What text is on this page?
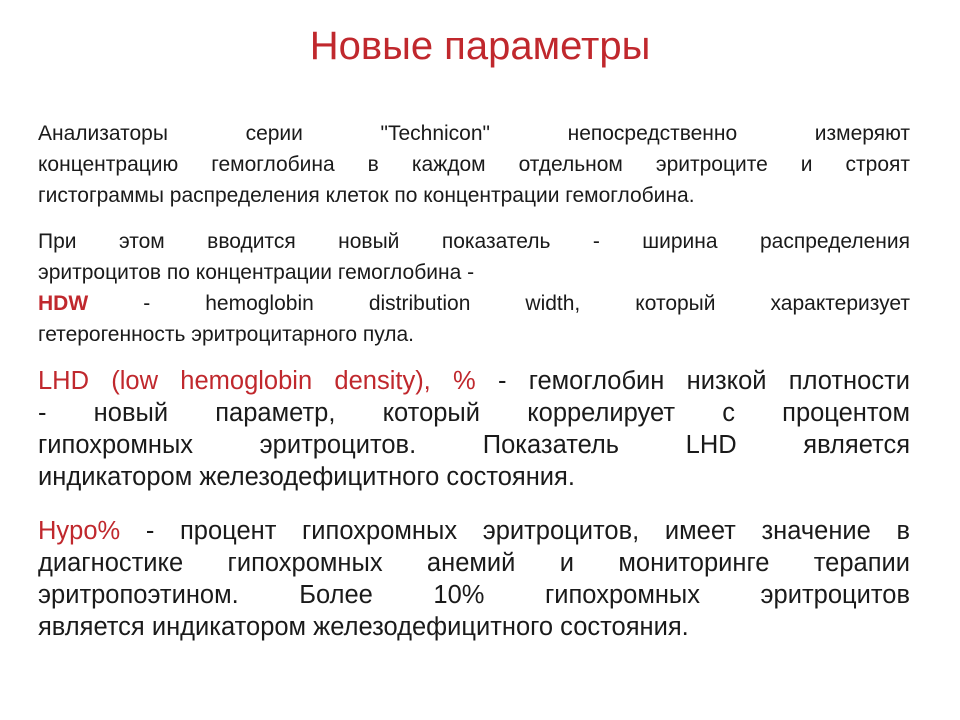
Новые параметры

Анализаторы серии "Technicon" непосредственно измеряют
концентрацию гемоглобина в каждом отдельном эритроците и строят
гистограммы распределения клеток по концентрации гемоглобина.

При этом вводится новый показатель - ширина распределения
эритроцитов по концентрации гемоглобина -
HDW - hemoglobin distribution width, который характеризует
гетерогенность эритроцитарного пула.

LHD (low hemoglobin density), % - гемоглобин низкой плотности
- новый параметр, который коррелирует с процентом
гипохромных эритроцитов. Показатель LHD является
индикатором железодефицитного состояния.

Hypo% - процент гипохромных эритроцитов, имеет значение в
диагностике гипохромных анемий и мониторинге терапии
эритропоэтином. Более 10% гипохромных эритроцитов
является индикатором железодефицитного состояния.
